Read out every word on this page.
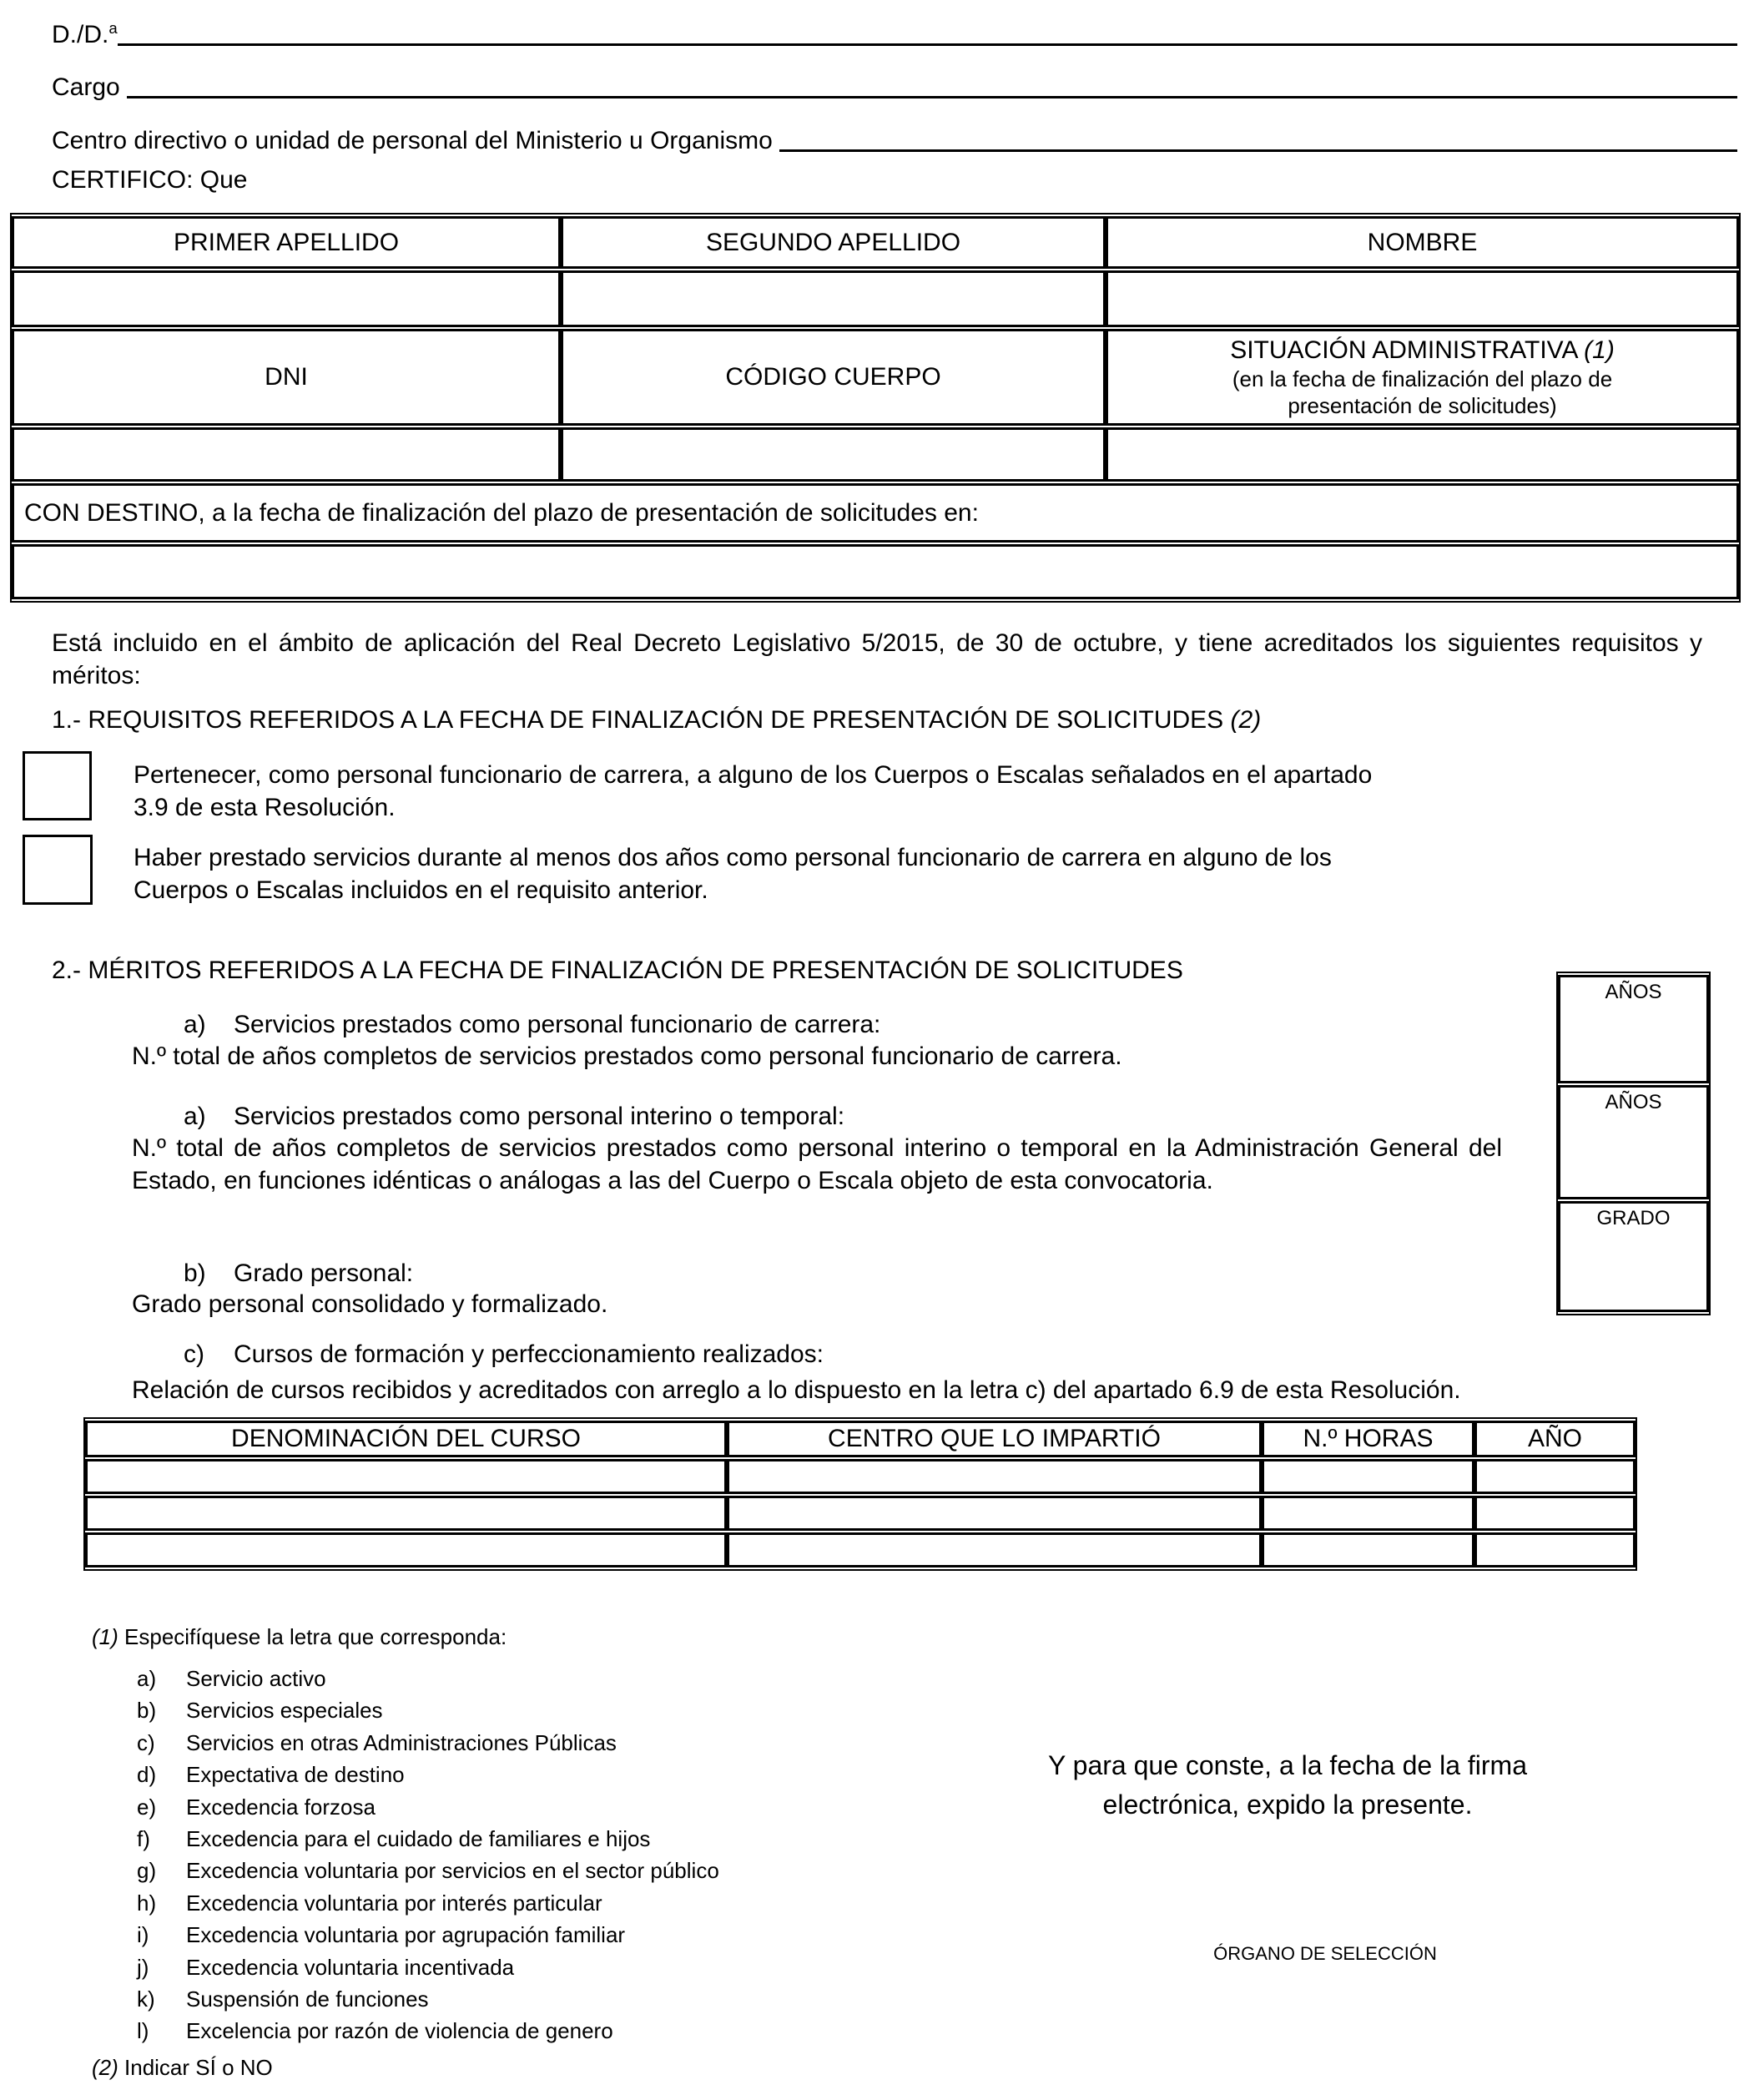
D./D.$^a$
Cargo
Centro directivo o unidad de personal del Ministerio u Organismo
CERTIFICO: Que
PRIMER APELLIDO	SEGUNDO APELLIDO	NOMBRE

DNI	CÓDIGO CUERPO	SITUACIÓN ADMINISTRATIVA (1)
(en la fecha de finalización del plazo de presentación de solicitudes)

CON DESTINO, a la fecha de finalización del plazo de presentación de solicitudes en:		

Está incluido en el ámbito de aplicación del Real Decreto Legislativo 5/2015, de 30 de octubre, y tiene acreditados los siguientes requisitos y méritos:
1.- REQUISITOS REFERIDOS A LA FECHA DE FINALIZACIÓN DE PRESENTACIÓN DE SOLICITUDES (2)
Pertenecer, como personal funcionario de carrera, a alguno de los Cuerpos o Escalas señalados en el apartado 3.9 de esta Resolución.
Haber prestado servicios durante al menos dos años como personal funcionario de carrera en alguno de los Cuerpos o Escalas incluidos en el requisito anterior.
2.- MÉRITOS REFERIDOS A LA FECHA DE FINALIZACIÓN DE PRESENTACIÓN DE SOLICITUDES
AÑOS
AÑOS
GRADO
a)	Servicios prestados como personal funcionario de carrera:
N.º total de años completos de servicios prestados como personal funcionario de carrera.
a)	Servicios prestados como personal interino o temporal:
N.º total de años completos de servicios prestados como personal interino o temporal en la Administración General del Estado, en funciones idénticas o análogas a las del Cuerpo o Escala objeto de esta convocatoria.
b)	Grado personal:
Grado personal consolidado y formalizado.
c)	Cursos de formación y perfeccionamiento realizados:
Relación de cursos recibidos y acreditados con arreglo a lo dispuesto en la letra c) del apartado 6.9 de esta Resolución.
DENOMINACIÓN DEL CURSO	CENTRO QUE LO IMPARTIÓ	N.º HORAS	AÑO

(1) Especifíquese la letra que corresponda:
a)	Servicio activo
b)	Servicios especiales
c)	Servicios en otras Administraciones Públicas
d)	Expectativa de destino
e)	Excedencia forzosa
f)	Excedencia para el cuidado de familiares e hijos
g)	Excedencia voluntaria por servicios en el sector público
h)	Excedencia voluntaria por interés particular
i)	Excedencia voluntaria por agrupación familiar
j)	Excedencia voluntaria incentivada
k)	Suspensión de funciones
l)	Excelencia por razón de violencia de genero
(2) Indicar SÍ o NO
Y para que conste, a la fecha de la firma
electrónica, expido la presente.
ÓRGANO DE SELECCIÓN
